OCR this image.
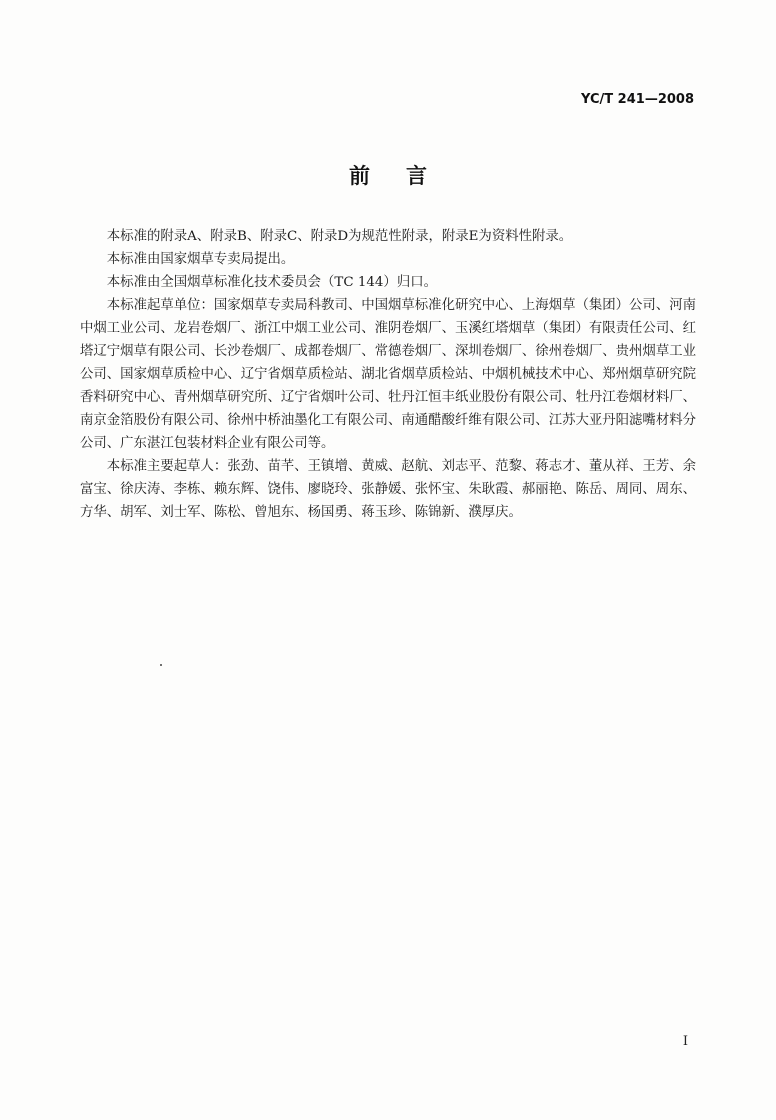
YC/T 241—2008
前言

本标准的附录A、附录B、附录C、附录D为规范性附录，附录E为资料性附录。

本标准由国家烟草专卖局提出。

本标准由全国烟草标准化技术委员会（TC 144）归口。

本标准起草单位：国家烟草专卖局科教司、中国烟草标准化研究中心、上海烟草（集团）公司、河南中烟工业公司、龙岩卷烟厂、浙江中烟工业公司、淮阴卷烟厂、玉溪红塔烟草（集团）有限责任公司、红塔辽宁烟草有限公司、长沙卷烟厂、成都卷烟厂、常德卷烟厂、深圳卷烟厂、徐州卷烟厂、贵州烟草工业公司、国家烟草质检中心、辽宁省烟草质检站、湖北省烟草质检站、中烟机械技术中心、郑州烟草研究院香料研究中心、青州烟草研究所、辽宁省烟叶公司、牡丹江恒丰纸业股份有限公司、牡丹江卷烟材料厂、南京金箔股份有限公司、徐州中桥油墨化工有限公司、南通醋酸纤维有限公司、江苏大亚丹阳滤嘴材料分公司、广东湛江包装材料企业有限公司等。

本标准主要起草人：张劲、苗芊、王镇增、黄威、赵航、刘志平、范黎、蒋志才、董从祥、王芳、余富宝、徐庆涛、李栋、赖东辉、饶伟、廖晓玲、张静媛、张怀宝、朱耿霞、郝丽艳、陈岳、周同、周东、方华、胡军、刘士军、陈松、曾旭东、杨国勇、蒋玉珍、陈锦新、濮厚庆。

I
